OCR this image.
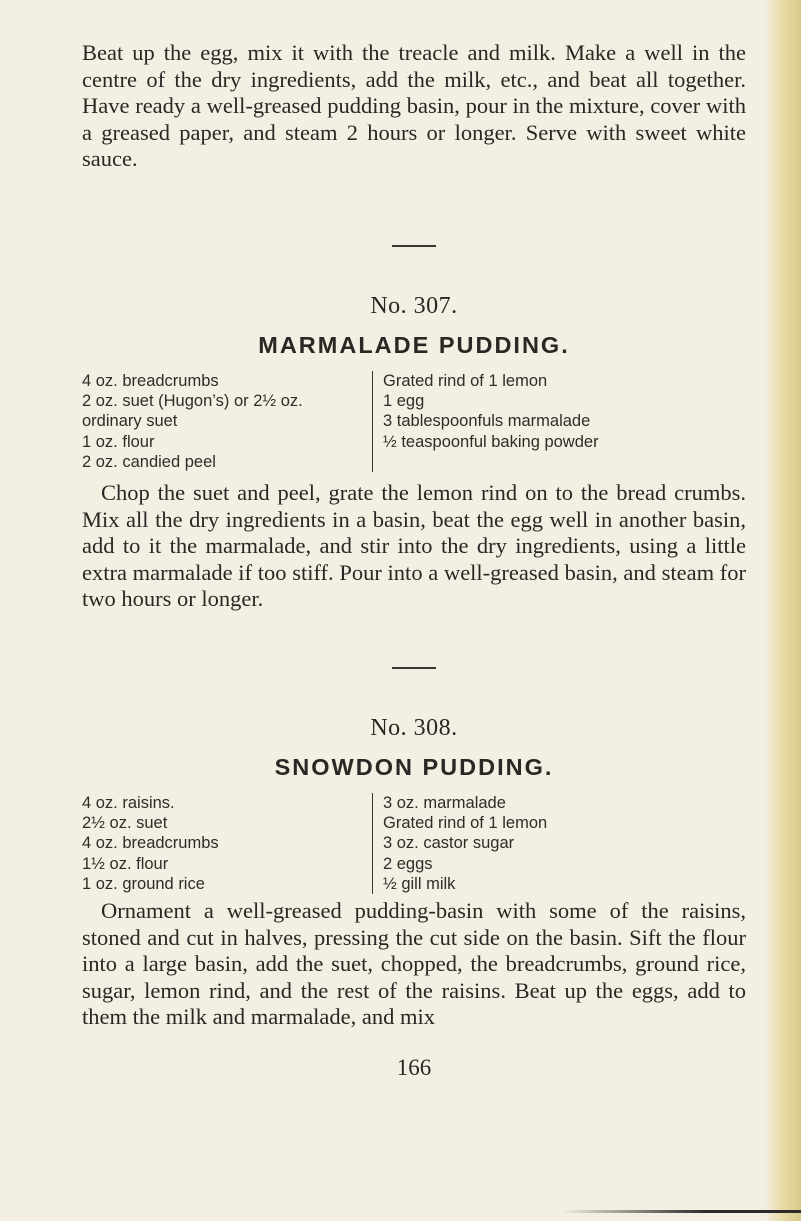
Beat up the egg, mix it with the treacle and milk. Make a well in the centre of the dry ingredients, add the milk, etc., and beat all together. Have ready a well-greased pudding basin, pour in the mixture, cover with a greased paper, and steam 2 hours or longer. Serve with sweet white sauce.

No. 307.
MARMALADE PUDDING.
4 oz. breadcrumbs
2 oz. suet (Hugon’s) or 2½ oz.
ordinary suet
1 oz. flour
2 oz. candied peel
Grated rind of 1 lemon
1 egg
3 tablespoonfuls marmalade
½ teaspoonful baking powder

Chop the suet and peel, grate the lemon rind on to the bread crumbs. Mix all the dry ingredients in a basin, beat the egg well in another basin, add to it the marmalade, and stir into the dry ingredients, using a little extra marmalade if too stiff. Pour into a well-greased basin, and steam for two hours or longer.

No. 308.
SNOWDON PUDDING.
4 oz. raisins.
2½ oz. suet
4 oz. breadcrumbs
1½ oz. flour
1 oz. ground rice
3 oz. marmalade
Grated rind of 1 lemon
3 oz. castor sugar
2 eggs
½ gill milk

Ornament a well-greased pudding-basin with some of the raisins, stoned and cut in halves, pressing the cut side on the basin. Sift the flour into a large basin, add the suet, chopped, the breadcrumbs, ground rice, sugar, lemon rind, and the rest of the raisins. Beat up the eggs, add to them the milk and marmalade, and mix

166
